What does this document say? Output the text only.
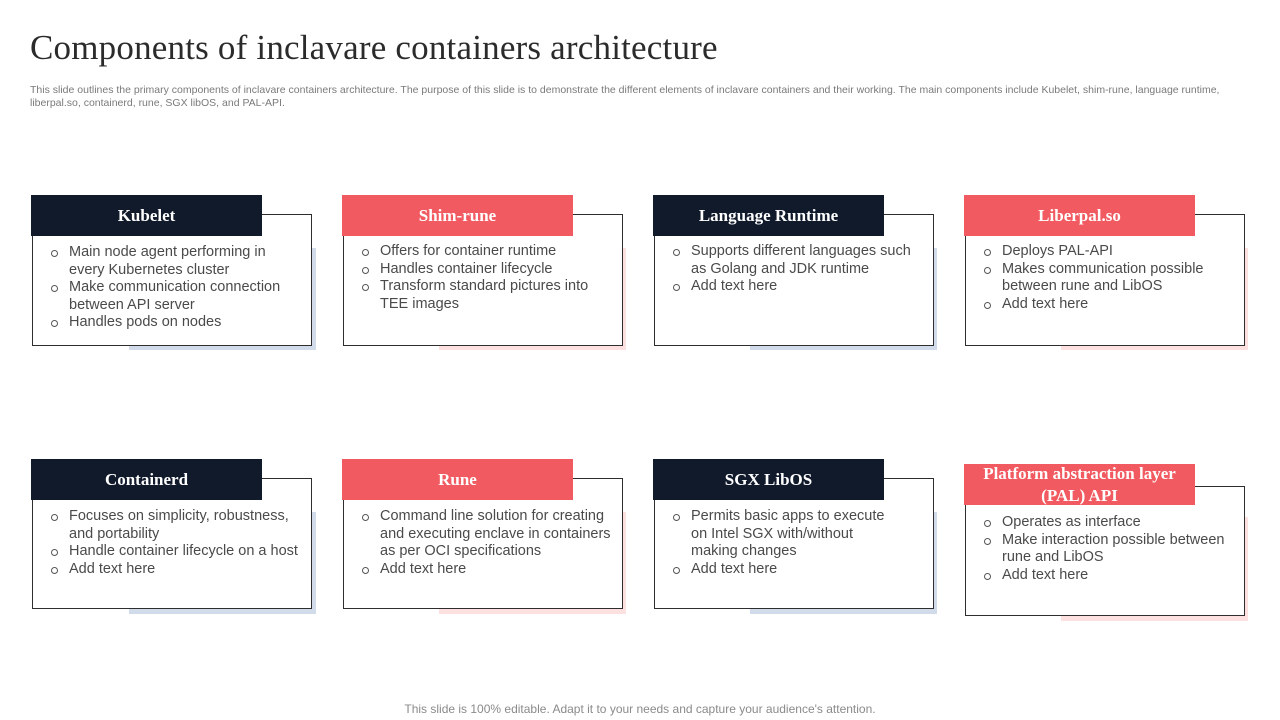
Components of inclavare containers architecture

This slide outlines the primary components of inclavare containers architecture. The purpose of this slide is to demonstrate the different elements of inclavare containers and their working. The main components include Kubelet, shim-rune, language runtime, liberpal.so, containerd, rune, SGX libOS, and PAL-API.

Kubelet
Main node agent performing in every Kubernetes cluster
Make communication connection between API server
Handles pods on nodes
Shim-rune
Offers for container runtime
Handles container lifecycle
Transform standard pictures into TEE images
Language Runtime
Supports different languages such as Golang and JDK runtime
Add text here
Liberpal.so
Deploys PAL-API
Makes communication possible between rune and LibOS
Add text here
Containerd
Focuses on simplicity, robustness, and portability
Handle container lifecycle on a host
Add text here
Rune
Command line solution for creating and executing enclave in containers as per OCI specifications
Add text here
SGX LibOS
Permits basic apps to execute on Intel SGX with/without making changes
Add text here
Platform abstraction layer (PAL) API
Operates as interface
Make interaction possible between rune and LibOS
Add text here
This slide is 100% editable. Adapt it to your needs and capture your audience's attention.
